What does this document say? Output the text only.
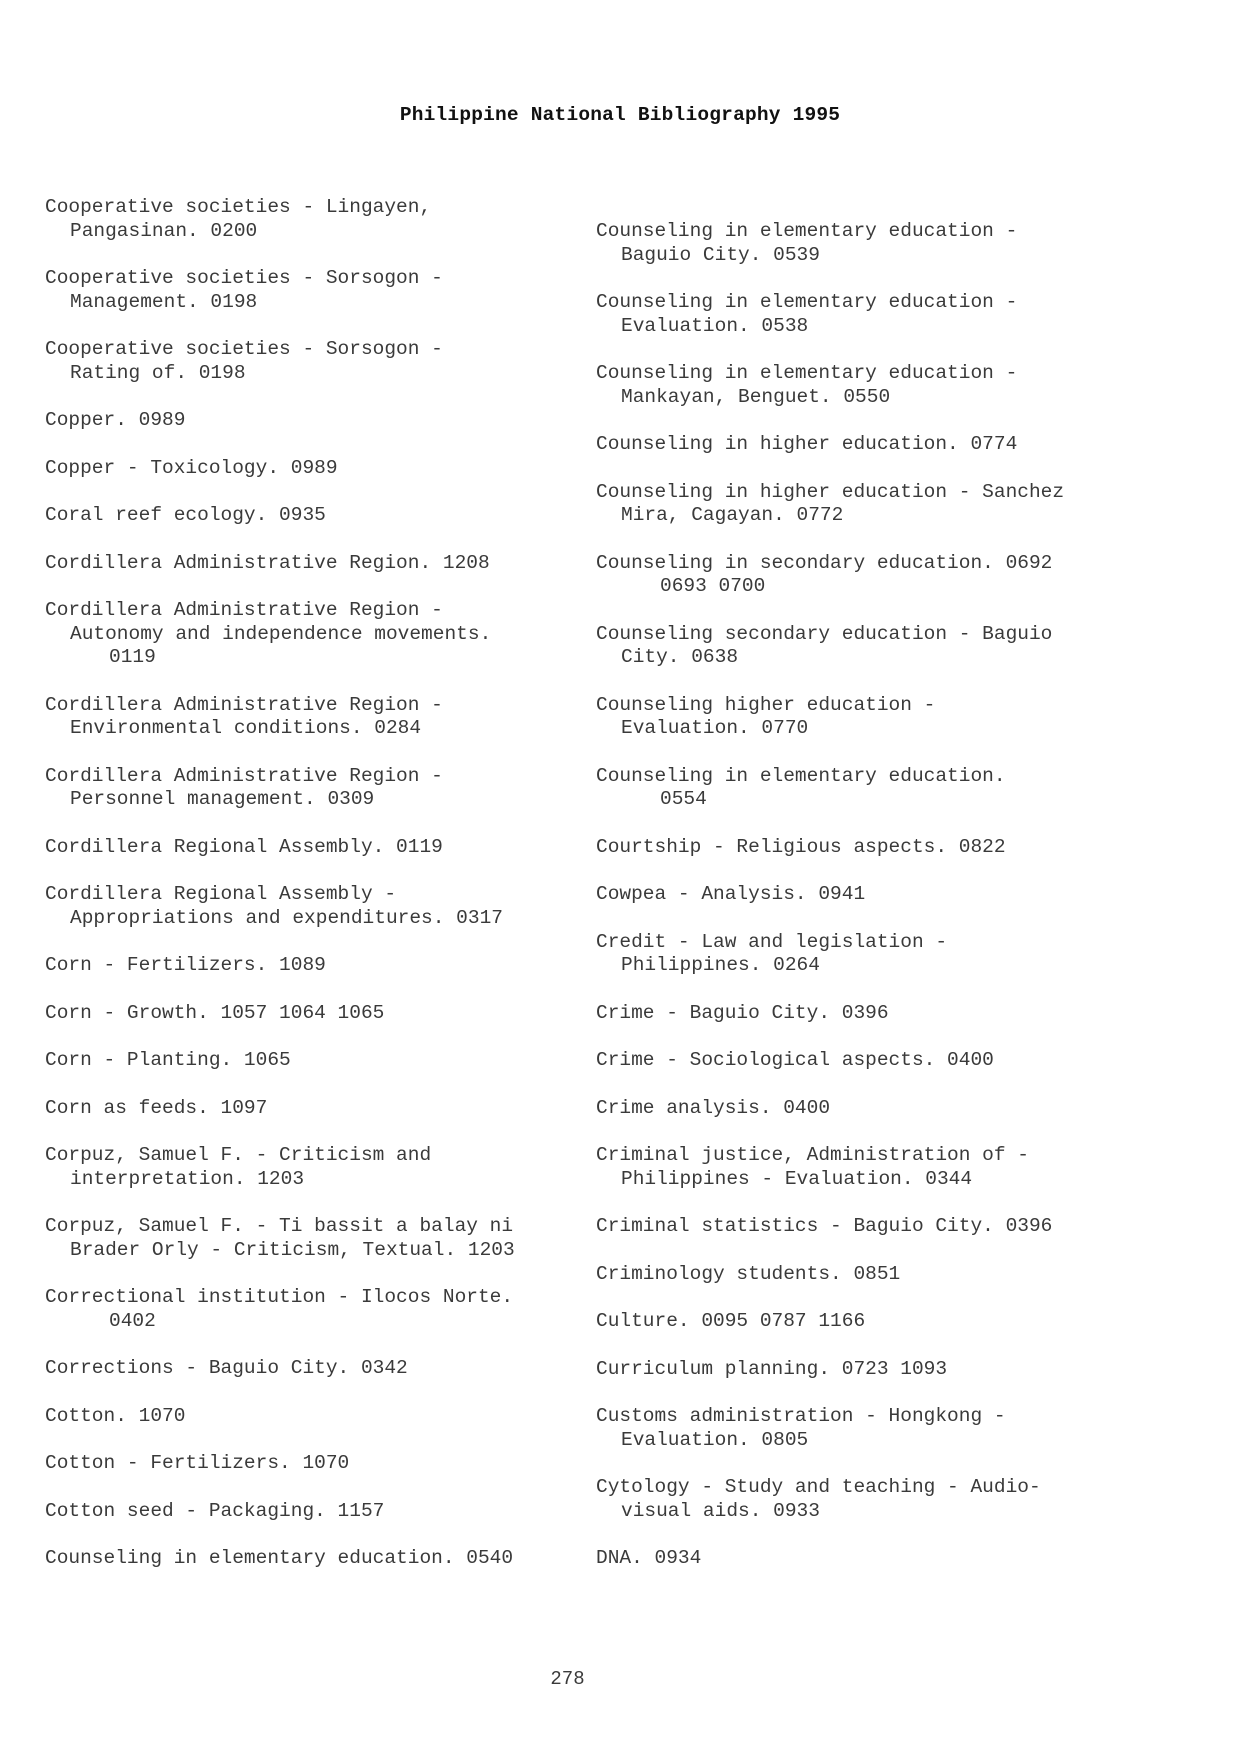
Philippine National Bibliography 1995
Cooperative societies - Lingayen,
Pangasinan. 0200
Cooperative societies - Sorsogon -
Management. 0198
Cooperative societies - Sorsogon -
Rating of. 0198
Copper. 0989
Copper - Toxicology. 0989
Coral reef ecology. 0935
Cordillera Administrative Region. 1208
Cordillera Administrative Region -
Autonomy and independence movements.
0119
Cordillera Administrative Region -
Environmental conditions. 0284
Cordillera Administrative Region -
Personnel management. 0309
Cordillera Regional Assembly. 0119
Cordillera Regional Assembly -
Appropriations and expenditures. 0317
Corn - Fertilizers. 1089
Corn - Growth. 1057 1064 1065
Corn - Planting. 1065
Corn as feeds. 1097
Corpuz, Samuel F. - Criticism and
interpretation. 1203
Corpuz, Samuel F. - Ti bassit a balay ni
Brader Orly - Criticism, Textual. 1203
Correctional institution - Ilocos Norte.
0402
Corrections - Baguio City. 0342
Cotton. 1070
Cotton - Fertilizers. 1070
Cotton seed - Packaging. 1157
Counseling in elementary education. 0540
Counseling in elementary education -
Baguio City. 0539
Counseling in elementary education -
Evaluation. 0538
Counseling in elementary education -
Mankayan, Benguet. 0550
Counseling in higher education. 0774
Counseling in higher education - Sanchez
Mira, Cagayan. 0772
Counseling in secondary education. 0692
0693 0700
Counseling secondary education - Baguio
City. 0638
Counseling higher education -
Evaluation. 0770
Counseling in elementary education.
0554
Courtship - Religious aspects. 0822
Cowpea - Analysis. 0941
Credit - Law and legislation -
Philippines. 0264
Crime - Baguio City. 0396
Crime - Sociological aspects. 0400
Crime analysis. 0400
Criminal justice, Administration of -
Philippines - Evaluation. 0344
Criminal statistics - Baguio City. 0396
Criminology students. 0851
Culture. 0095 0787 1166
Curriculum planning. 0723 1093
Customs administration - Hongkong -
Evaluation. 0805
Cytology - Study and teaching - Audio-
visual aids. 0933
DNA. 0934
278
